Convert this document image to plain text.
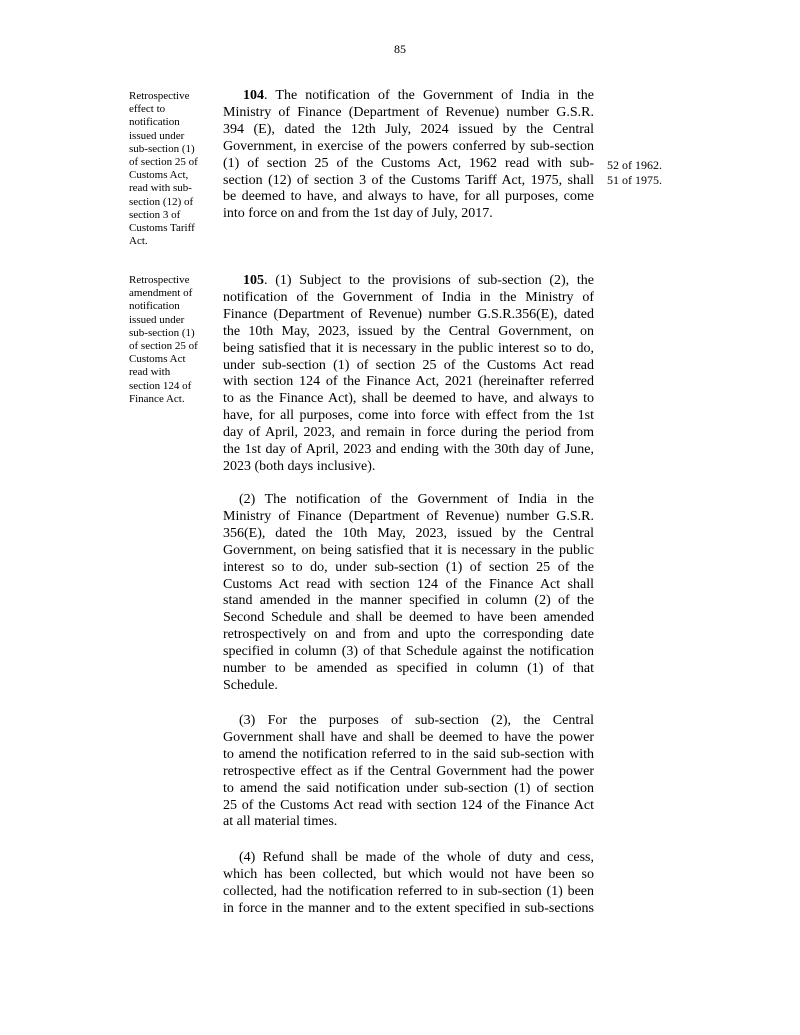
85
Retrospective
effect to
notification
issued under
sub-section (1)
of section 25 of
Customs Act,
read with sub-
section (12) of
section 3 of
Customs Tariff
Act.
104. The notification of the Government of India in the
Ministry of Finance (Department of Revenue) number G.S.R.
394 (E), dated the 12th July, 2024 issued by the Central
Government, in exercise of the powers conferred by sub-section
(1) of section 25 of the Customs Act, 1962 read with sub-
section (12) of section 3 of the Customs Tariff Act, 1975, shall
be deemed to have, and always to have, for all purposes, come
into force on and from the 1st day of July, 2017.
52 of 1962.
51 of 1975.
Retrospective
amendment of
notification
issued under
sub-section (1)
of section 25 of
Customs Act
read with
section 124 of
Finance Act.
105. (1) Subject to the provisions of sub-section (2), the
notification of the Government of India in the Ministry of
Finance (Department of Revenue) number G.S.R.356(E), dated
the 10th May, 2023, issued by the Central Government, on
being satisfied that it is necessary in the public interest so to do,
under sub-section (1) of section 25 of the Customs Act read
with section 124 of the Finance Act, 2021 (hereinafter referred
to as the Finance Act), shall be deemed to have, and always to
have, for all purposes, come into force with effect from the 1st
day of April, 2023, and remain in force during the period from
the 1st day of April, 2023 and ending with the 30th day of June,
2023 (both days inclusive).
(2) The notification of the Government of India in the
Ministry of Finance (Department of Revenue) number G.S.R.
356(E), dated the 10th May, 2023, issued by the Central
Government, on being satisfied that it is necessary in the public
interest so to do, under sub-section (1) of section 25 of the
Customs Act read with section 124 of the Finance Act shall
stand amended in the manner specified in column (2) of the
Second Schedule and shall be deemed to have been amended
retrospectively on and from and upto the corresponding date
specified in column (3) of that Schedule against the notification
number to be amended as specified in column (1) of that
Schedule.
(3) For the purposes of sub-section (2), the Central
Government shall have and shall be deemed to have the power
to amend the notification referred to in the said sub-section with
retrospective effect as if the Central Government had the power
to amend the said notification under sub-section (1) of section
25 of the Customs Act read with section 124 of the Finance Act
at all material times.
(4) Refund shall be made of the whole of duty and cess,
which has been collected, but which would not have been so
collected, had the notification referred to in sub-section (1) been
in force in the manner and to the extent specified in sub-sections
